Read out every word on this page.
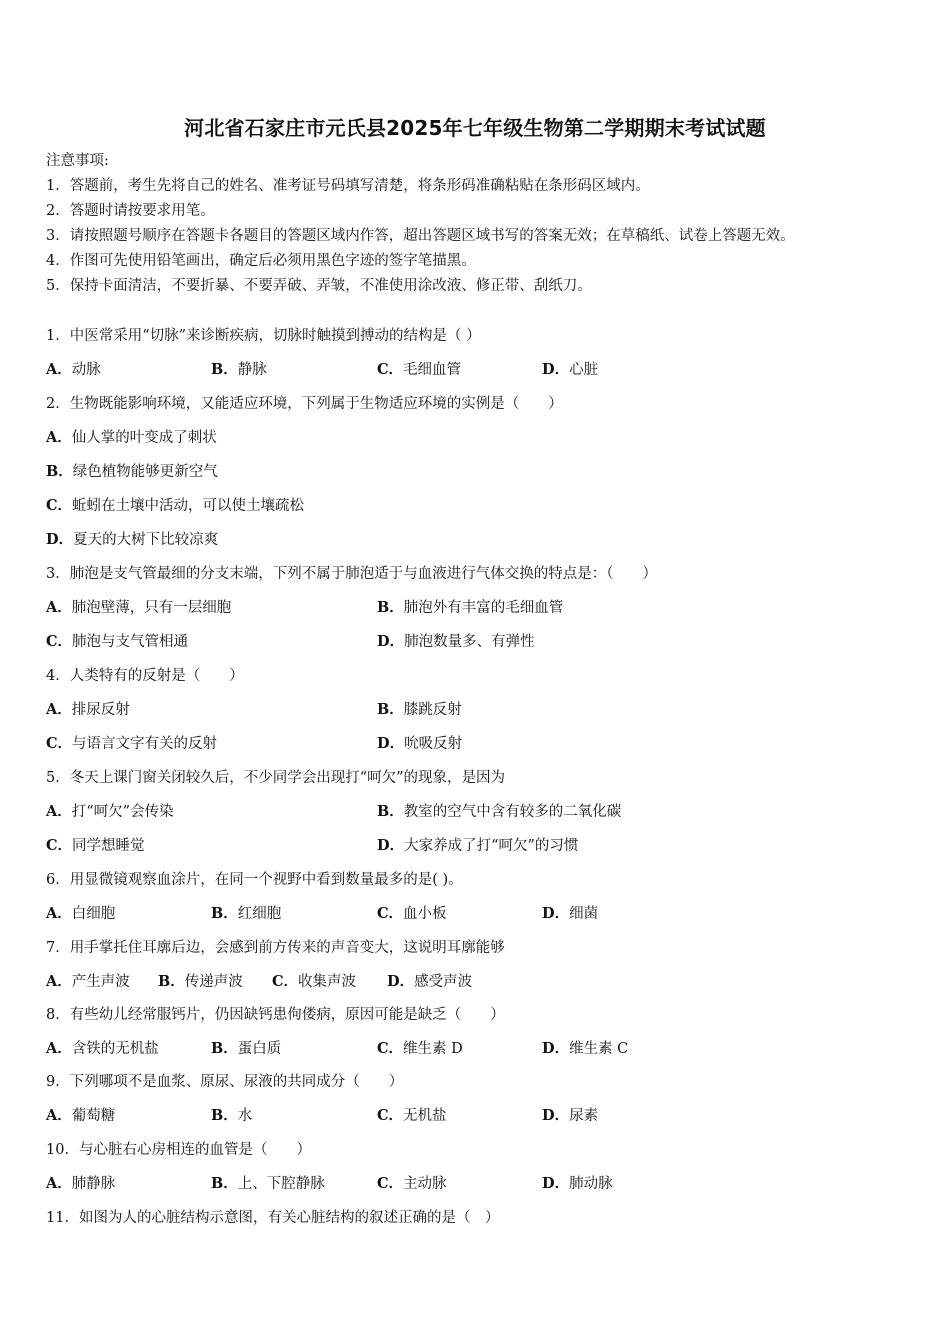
河北省石家庄市元氏县2025年七年级生物第二学期期末考试试题
注意事项:
1．答题前，考生先将自己的姓名、准考证号码填写清楚，将条形码准确粘贴在条形码区域内。
2．答题时请按要求用笔。
3．请按照题号顺序在答题卡各题目的答题区域内作答，超出答题区域书写的答案无效；在草稿纸、试卷上答题无效。
4．作图可先使用铅笔画出，确定后必须用黑色字迹的签字笔描黑。
5．保持卡面清洁，不要折暴、不要弄破、弄皱，不准使用涂改液、修正带、刮纸刀。
1．中医常采用“切脉”来诊断疾病，切脉时触摸到搏动的结构是（ ）
A．动脉	B．静脉	C．毛细血管	D．心脏
2．生物既能影响环境，又能适应环境，下列属于生物适应环境的实例是（　　）
A．仙人掌的叶变成了刺状
B．绿色植物能够更新空气
C．蚯蚓在土壤中活动，可以使土壤疏松
D．夏天的大树下比较凉爽
3．肺泡是支气管最细的分支末端，下列不属于肺泡适于与血液进行气体交换的特点是：（　　）
A．肺泡壁薄，只有一层细胞	B．肺泡外有丰富的毛细血管
C．肺泡与支气管相通	D．肺泡数量多、有弹性
4．人类特有的反射是（　　）
A．排尿反射	B．膝跳反射
C．与语言文字有关的反射	D．吮吸反射
5．冬天上课门窗关闭较久后，不少同学会出现打“呵欠”的现象，是因为
A．打“呵欠”会传染	B．教室的空气中含有较多的二氧化碳
C．同学想睡觉	D．大家养成了打“呵欠”的习惯
6．用显微镜观察血涂片，在同一个视野中看到数量最多的是( )。
A．白细胞	B．红细胞	C．血小板	D．细菌
7．用手掌托住耳廓后边，会感到前方传来的声音变大，这说明耳廓能够
A．产生声波 B．传递声波 C．收集声波 D．感受声波
8．有些幼儿经常服钙片，仍因缺钙患佝偻病，原因可能是缺乏（　　）
A．含铁的无机盐	B．蛋白质	C．维生素 D	D．维生素 C
9．下列哪项不是血浆、原尿、尿液的共同成分（　　）
A．葡萄糖	B．水	C．无机盐	D．尿素
10．与心脏右心房相连的血管是（　　）
A．肺静脉	B．上、下腔静脉	C．主动脉	D．肺动脉
11．如图为人的心脏结构示意图，有关心脏结构的叙述正确的是（　）
